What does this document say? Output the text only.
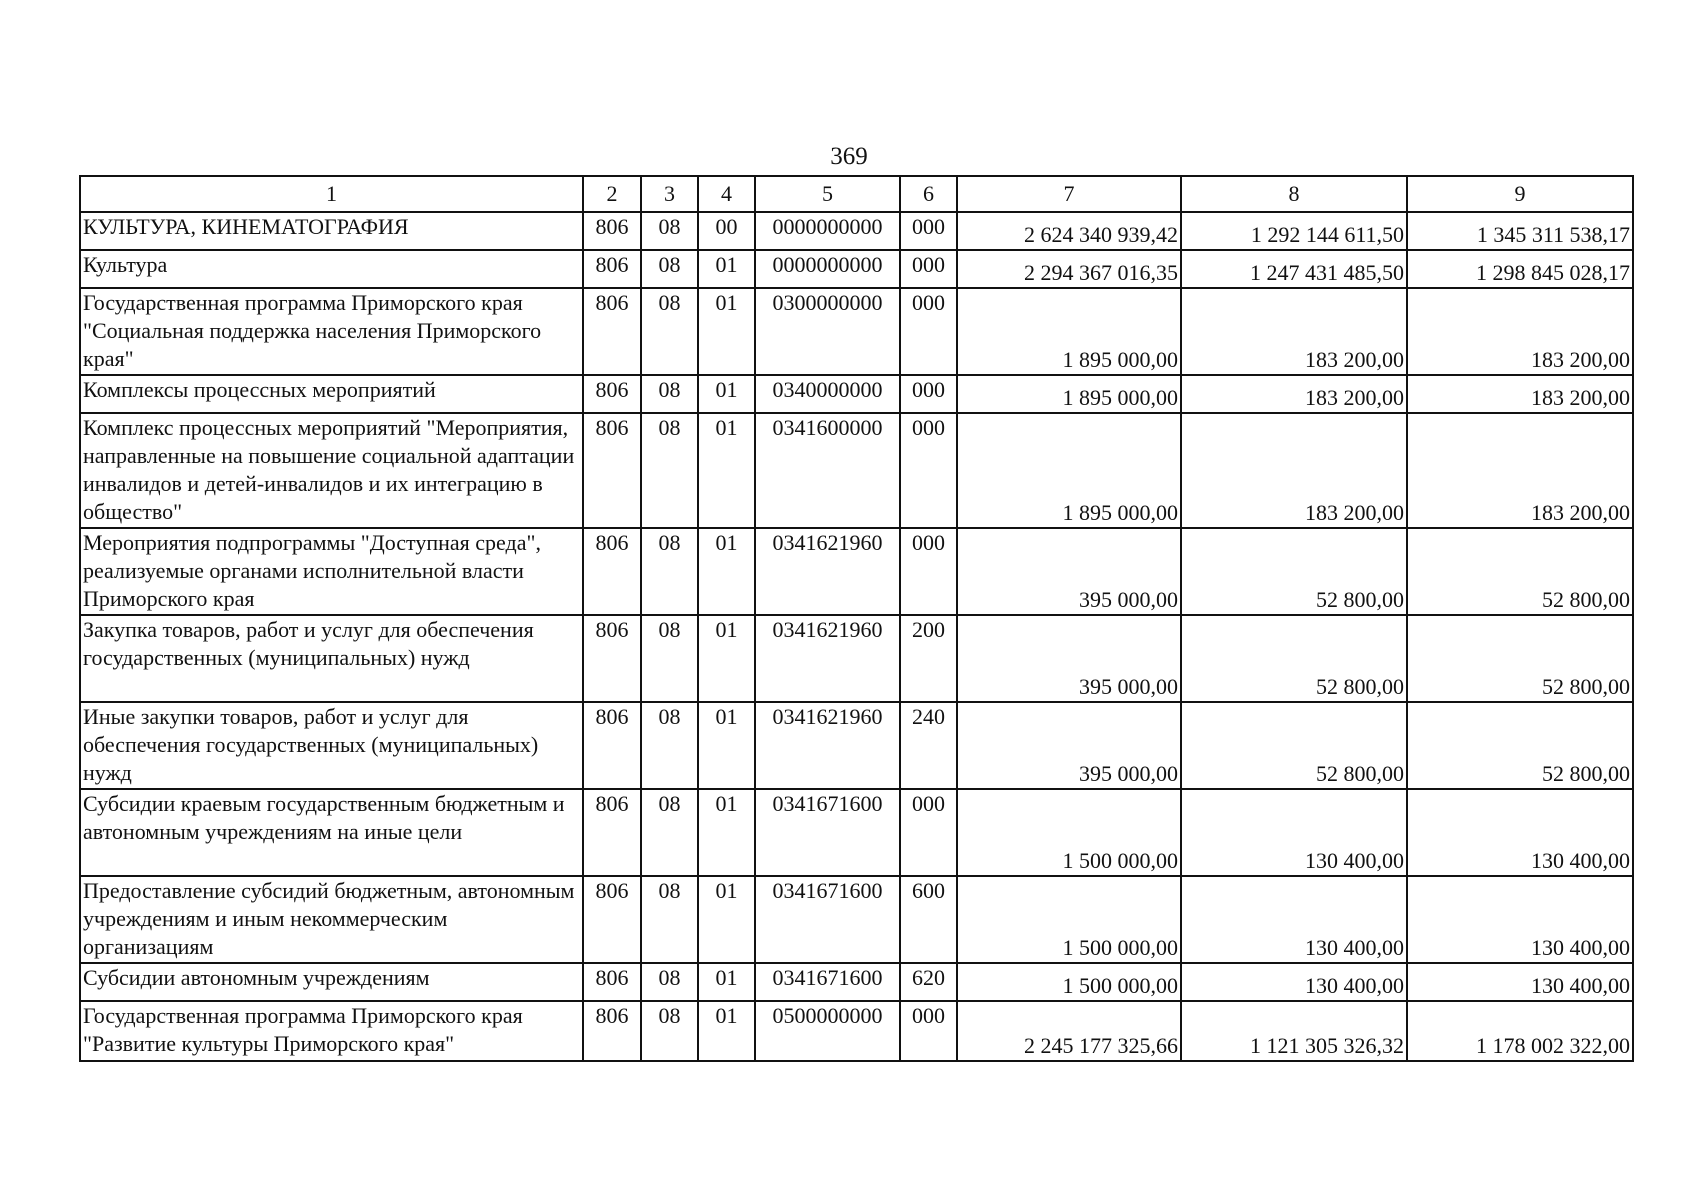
369
1	2	3	4	5	6	7	8	9
КУЛЬТУРА, КИНЕМАТОГРАФИЯ	806	08	00	0000000000	000	2 624 340 939,42	1 292 144 611,50	1 345 311 538,17
Культура	806	08	01	0000000000	000	2 294 367 016,35	1 247 431 485,50	1 298 845 028,17
Государственная программа Приморского края "Социальная поддержка населения Приморского края"	806	08	01	0300000000	000	1 895 000,00	183 200,00	183 200,00
Комплексы процессных мероприятий	806	08	01	0340000000	000	1 895 000,00	183 200,00	183 200,00
Комплекс процессных мероприятий "Мероприятия, направленные на повышение социальной адаптации инвалидов и детей-инвалидов и их интеграцию в общество"	806	08	01	0341600000	000	1 895 000,00	183 200,00	183 200,00
Мероприятия подпрограммы "Доступная среда", реализуемые органами исполнительной власти Приморского края	806	08	01	0341621960	000	395 000,00	52 800,00	52 800,00
Закупка товаров, работ и услуг для обеспечения государственных (муниципальных) нужд	806	08	01	0341621960	200	395 000,00	52 800,00	52 800,00
Иные закупки товаров, работ и услуг для обеспечения государственных (муниципальных) нужд	806	08	01	0341621960	240	395 000,00	52 800,00	52 800,00
Субсидии краевым государственным бюджетным и автономным учреждениям на иные цели	806	08	01	0341671600	000	1 500 000,00	130 400,00	130 400,00
Предоставление субсидий бюджетным, автономным учреждениям и иным некоммерческим организациям	806	08	01	0341671600	600	1 500 000,00	130 400,00	130 400,00
Субсидии автономным учреждениям	806	08	01	0341671600	620	1 500 000,00	130 400,00	130 400,00
Государственная программа Приморского края "Развитие культуры Приморского края"	806	08	01	0500000000	000	2 245 177 325,66	1 121 305 326,32	1 178 002 322,00
